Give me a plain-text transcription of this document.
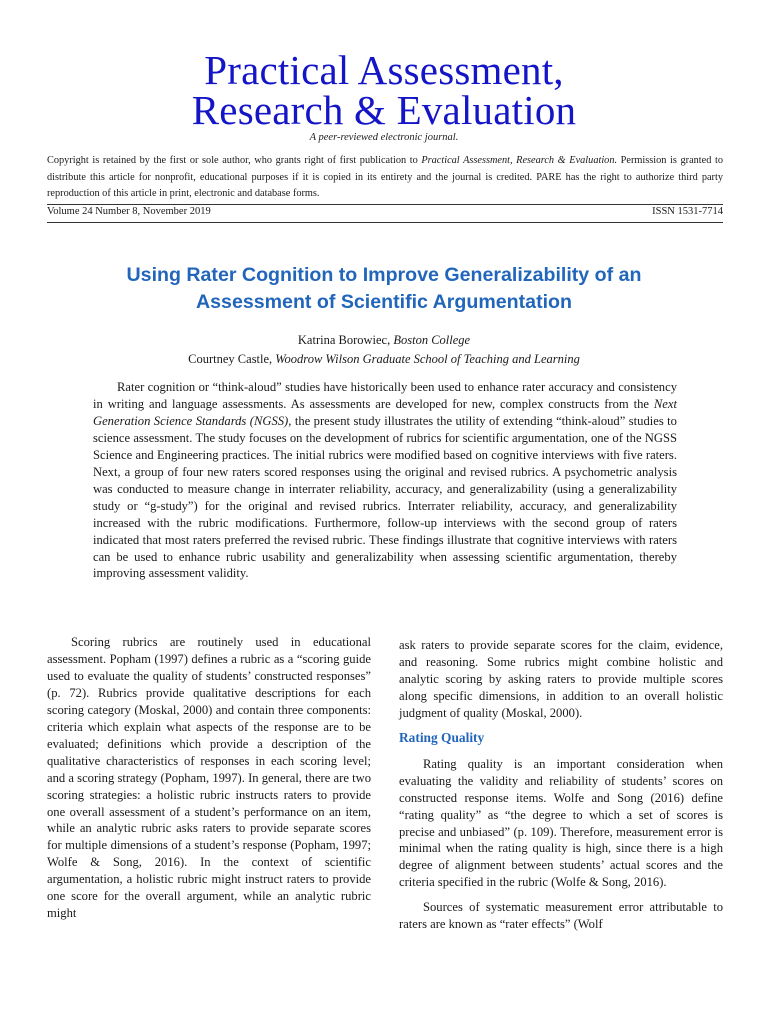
Practical Assessment,
Research & Evaluation
A peer-reviewed electronic journal.
Copyright is retained by the first or sole author, who grants right of first publication to Practical Assessment, Research & Evaluation. Permission is granted to distribute this article for nonprofit, educational purposes if it is copied in its entirety and the journal is credited. PARE has the right to authorize third party reproduction of this article in print, electronic and database forms.
Volume 24 Number 8, November 2019	ISSN 1531-7714
Using Rater Cognition to Improve Generalizability of an
Assessment of Scientific Argumentation
Katrina Borowiec, Boston College
Courtney Castle, Woodrow Wilson Graduate School of Teaching and Learning

Rater cognition or “think-aloud” studies have historically been used to enhance rater accuracy and consistency in writing and language assessments. As assessments are developed for new, complex constructs from the Next Generation Science Standards (NGSS), the present study illustrates the utility of extending “think-aloud” studies to science assessment. The study focuses on the development of rubrics for scientific argumentation, one of the NGSS Science and Engineering practices. The initial rubrics were modified based on cognitive interviews with five raters. Next, a group of four new raters scored responses using the original and revised rubrics. A psychometric analysis was conducted to measure change in interrater reliability, accuracy, and generalizability (using a generalizability study or “g-study”) for the original and revised rubrics. Interrater reliability, accuracy, and generalizability increased with the rubric modifications. Furthermore, follow-up interviews with the second group of raters indicated that most raters preferred the revised rubric. These findings illustrate that cognitive interviews with raters can be used to enhance rubric usability and generalizability when assessing scientific argumentation, thereby improving assessment validity.

Scoring rubrics are routinely used in educational assessment. Popham (1997) defines a rubric as a “scoring guide used to evaluate the quality of students’ constructed responses” (p. 72). Rubrics provide qualitative descriptions for each scoring category (Moskal, 2000) and contain three components: criteria which explain what aspects of the response are to be evaluated; definitions which provide a description of the qualitative characteristics of responses in each scoring level; and a scoring strategy (Popham, 1997). In general, there are two scoring strategies: a holistic rubric instructs raters to provide one overall assessment of a student’s performance on an item, while an analytic rubric asks raters to provide separate scores for multiple dimensions of a student’s response (Popham, 1997; Wolfe & Song, 2016). In the context of scientific argumentation, a holistic rubric might instruct raters to provide one score for the overall argument, while an analytic rubric might

ask raters to provide separate scores for the claim, evidence, and reasoning. Some rubrics might combine holistic and analytic scoring by asking raters to provide multiple scores along specific dimensions, in addition to an overall holistic judgment of quality (Moskal, 2000).

Rating Quality

Rating quality is an important consideration when evaluating the validity and reliability of students’ scores on constructed response items. Wolfe and Song (2016) define “rating quality” as “the degree to which a set of scores is precise and unbiased” (p. 109). Therefore, measurement error is minimal when the rating quality is high, since there is a high degree of alignment between students’ actual scores and the criteria specified in the rubric (Wolfe & Song, 2016).

Sources of systematic measurement error attributable to raters are known as “rater effects” (Wolf
